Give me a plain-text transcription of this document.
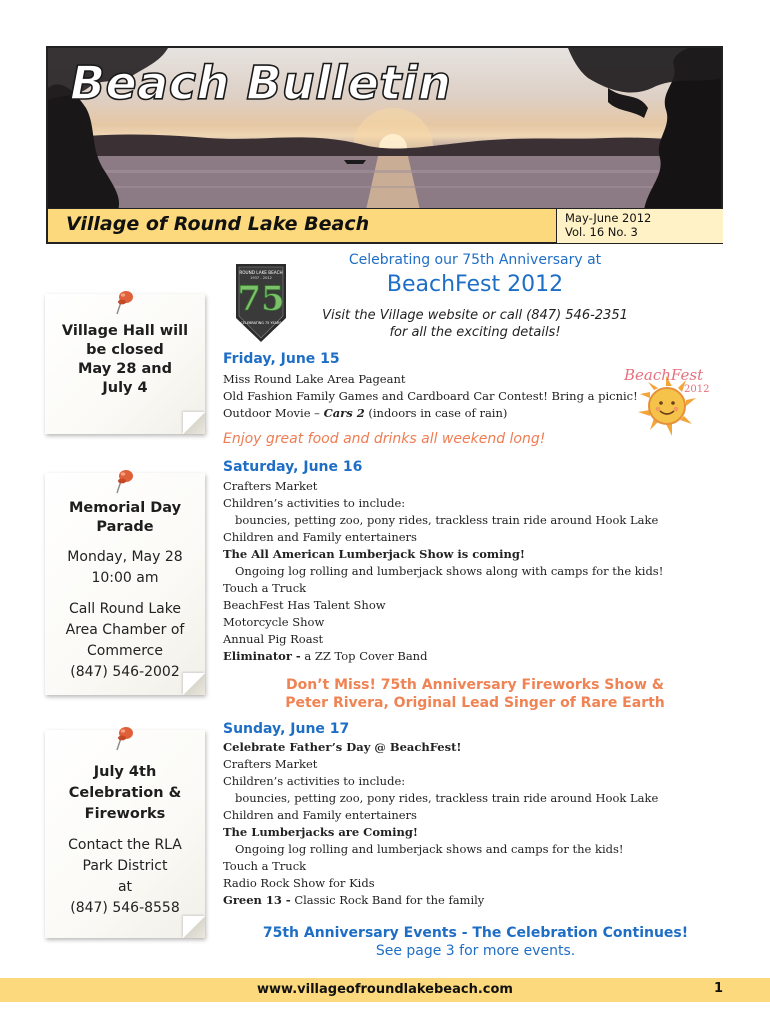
Beach Bulletin
Village of Round Lake Beach	May-June 2012
Vol. 16 No. 3
ROUND LAKE BEACH
1937 - 2012
75
CELEBRATING 75 YEARS
Celebrating our 75th Anniversary at
BeachFest 2012
Visit the Village website or call (847) 546-2351
for all the exciting details!
BeachFest
2012
Friday, June 15
Miss Round Lake Area Pageant
Old Fashion Family Games and Cardboard Car Contest! Bring a picnic!
Outdoor Movie – Cars 2 (indoors in case of rain)
Enjoy great food and drinks all weekend long!
Saturday, June 16
Crafters Market
Children’s activities to include:
bouncies, petting zoo, pony rides, trackless train ride around Hook Lake
Children and Family entertainers
The All American Lumberjack Show is coming!
Ongoing log rolling and lumberjack shows along with camps for the kids!
Touch a Truck
BeachFest Has Talent Show
Motorcycle Show
Annual Pig Roast
Eliminator - a ZZ Top Cover Band
Don’t Miss! 75th Anniversary Fireworks Show &
Peter Rivera, Original Lead Singer of Rare Earth
Sunday, June 17
Celebrate Father’s Day @ BeachFest!
Crafters Market
Children’s activities to include:
bouncies, petting zoo, pony rides, trackless train ride around Hook Lake
Children and Family entertainers
The Lumberjacks are Coming!
Ongoing log rolling and lumberjack shows and camps for the kids!
Touch a Truck
Radio Rock Show for Kids
Green 13 - Classic Rock Band for the family
75th Anniversary Events - The Celebration Continues!
See page 3 for more events.
Village Hall will
be closed
May 28 and
July 4
Memorial Day
Parade
Monday, May 28
10:00 am
Call Round Lake
Area Chamber of
Commerce
(847) 546-2002
July 4th
Celebration &
Fireworks
Contact the RLA
Park District
at
(847) 546-8558
www.villageofroundlakebeach.com	1
